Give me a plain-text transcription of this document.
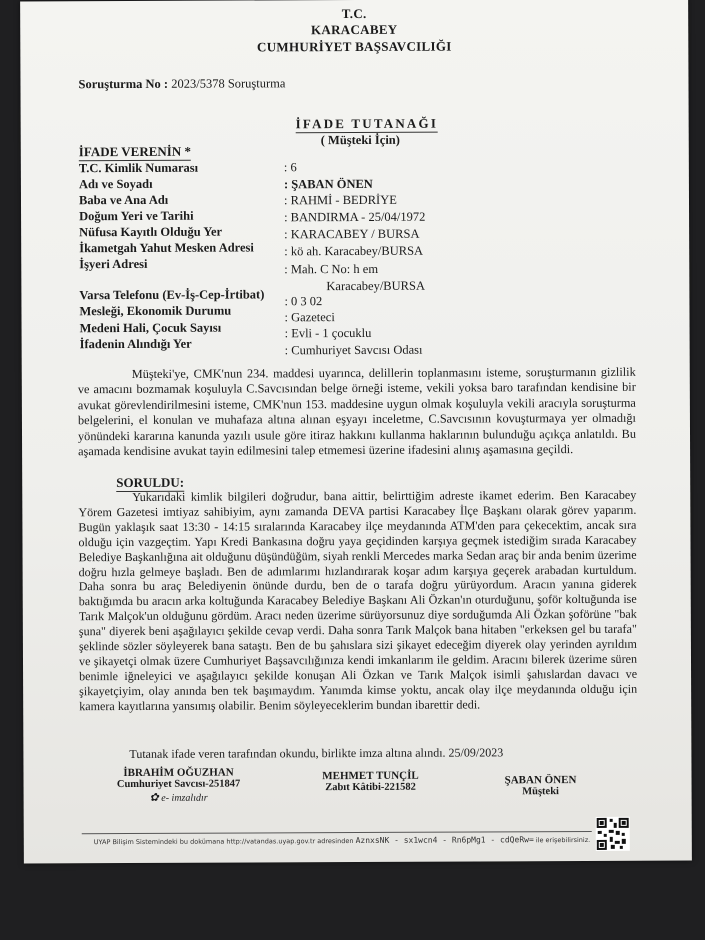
T.C.
KARACABEY
CUMHURİYET BAŞSAVCILIĞI
Soruşturma No : 2023/5378 Soruşturma
İFADE TUTANAĞI
( Müşteki İçin)
İFADE VERENİN *
T.C. Kimlik Numarası	: 6
Adı ve Soyadı	: ŞABAN ÖNEN
Baba ve Ana Adı	: RAHMİ - BEDRİYE
Doğum Yeri ve Tarihi	: BANDIRMA - 25/04/1972
Nüfusa Kayıtlı Olduğu Yer	: KARACABEY / BURSA
İkametgah Yahut Mesken Adresi : kö ah. Karacabey/BURSA
İşyeri Adresi	: Mah. C No: h em
Karacabey/BURSA
Varsa Telefonu (Ev-İş-Cep-İrtibat) : 0 3 02
Mesleği, Ekonomik Durumu	: Gazeteci
Medeni Hali, Çocuk Sayısı	: Evli - 1 çocuklu
İfadenin Alındığı Yer	: Cumhuriyet Savcısı Odası
Müşteki'ye, CMK'nun 234. maddesi uyarınca, delillerin toplanmasını isteme, soruşturmanın gizlilik ve amacını bozmamak koşuluyla C.Savcısından belge örneği isteme, vekili yoksa baro tarafından kendisine bir avukat görevlendirilmesini isteme, CMK'nun 153. maddesine uygun olmak koşuluyla vekili aracıyla soruşturma belgelerini, el konulan ve muhafaza altına alınan eşyayı inceletme, C.Savcısının kovuşturmaya yer olmadığı yönündeki kararına kanunda yazılı usule göre itiraz hakkını kullanma haklarının bulunduğu açıkça anlatıldı. Bu aşamada kendisine avukat tayin edilmesini talep etmemesi üzerine ifadesini alınış aşamasına geçildi.
SORULDU:
Yukarıdaki kimlik bilgileri doğrudur, bana aittir, belirttiğim adreste ikamet ederim. Ben Karacabey Yörem Gazetesi imtiyaz sahibiyim, aynı zamanda DEVA partisi Karacabey İlçe Başkanı olarak görev yaparım. Bugün yaklaşık saat 13:30 - 14:15 sıralarında Karacabey ilçe meydanında ATM'den para çekecektim, ancak sıra olduğu için vazgeçtim. Yapı Kredi Bankasına doğru yaya geçidinden karşıya geçmek istediğim sırada Karacabey Belediye Başkanlığına ait olduğunu düşündüğüm, siyah renkli Mercedes marka Sedan araç bir anda benim üzerime doğru hızla gelmeye başladı. Ben de adımlarımı hızlandırarak koşar adım karşıya geçerek arabadan kurtuldum. Daha sonra bu araç Belediyenin önünde durdu, ben de o tarafa doğru yürüyordum. Aracın yanına giderek baktığımda bu aracın arka koltuğunda Karacabey Belediye Başkanı Ali Özkan'ın oturduğunu, şoför koltuğunda ise Tarık Malçok'un olduğunu gördüm. Aracı neden üzerime sürüyorsunuz diye sorduğumda Ali Özkan şoförüne "bak şuna" diyerek beni aşağılayıcı şekilde cevap verdi. Daha sonra Tarık Malçok bana hitaben "erkeksen gel bu tarafa" şeklinde sözler söyleyerek bana sataştı. Ben de bu şahıslara sizi şikayet edeceğim diyerek olay yerinden ayrıldım ve şikayetçi olmak üzere Cumhuriyet Başsavcılığınıza kendi imkanlarım ile geldim. Aracını bilerek üzerime süren benimle iğneleyici ve aşağılayıcı şekilde konuşan Ali Özkan ve Tarık Malçok isimli şahıslardan davacı ve şikayetçiyim, olay anında ben tek başımaydım. Yanımda kimse yoktu, ancak olay ilçe meydanında olduğu için kamera kayıtlarına yansımış olabilir. Benim söyleyeceklerim bundan ibarettir dedi.
Tutanak ifade veren tarafından okundu, birlikte imza altına alındı. 25/09/2023
İBRAHİM OĞUZHAN
Cumhuriyet Savcısı-251847
✿ e- imzalıdır
MEHMET TUNÇİL
Zabıt Kâtibi-221582
ŞABAN ÖNEN
Müşteki
UYAP Bilişim Sistemindeki bu dokümana http://vatandas.uyap.gov.tr adresinden AznxsNK - sx1wcn4 - Rn6pMg1 - cdQeRw= ile erişebilirsiniz.
